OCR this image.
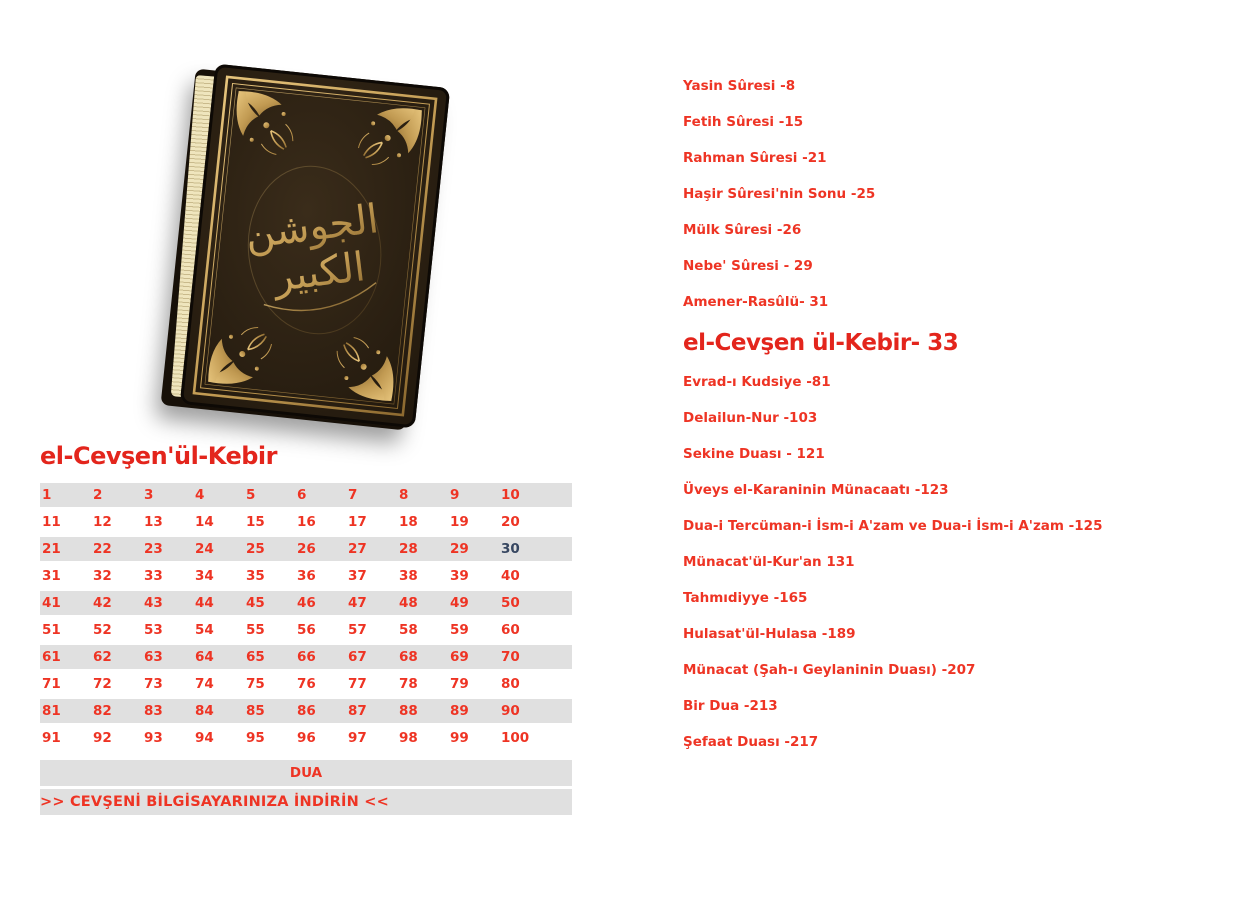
الجوشن
الكبير
el-Cevşen'ül-Kebir
1	2	3	4	5	6	7	8	9	10
11	12	13	14	15	16	17	18	19	20
21	22	23	24	25	26	27	28	29	30
31	32	33	34	35	36	37	38	39	40
41	42	43	44	45	46	47	48	49	50
51	52	53	54	55	56	57	58	59	60
61	62	63	64	65	66	67	68	69	70
71	72	73	74	75	76	77	78	79	80
81	82	83	84	85	86	87	88	89	90
91	92	93	94	95	96	97	98	99	100
DUA
>> CEVŞENİ BİLGİSAYARINIZA İNDİRİN <<
Yasin Sûresi -8
Fetih Sûresi -15
Rahman Sûresi -21
Haşir Sûresi'nin Sonu -25
Mülk Sûresi -26
Nebe' Sûresi - 29
Amener-Rasûlü- 31
el-Cevşen ül-Kebir- 33
Evrad-ı Kudsiye -81
Delailun-Nur -103
Sekine Duası - 121
Üveys el-Karaninin Münacaatı -123
Dua-i Tercüman-i İsm-i A'zam ve Dua-i İsm-i A'zam -125
Münacat'ül-Kur'an 131
Tahmıdiyye -165
Hulasat'ül-Hulasa -189
Münacat (Şah-ı Geylaninin Duası) -207
Bir Dua -213
Şefaat Duası -217
